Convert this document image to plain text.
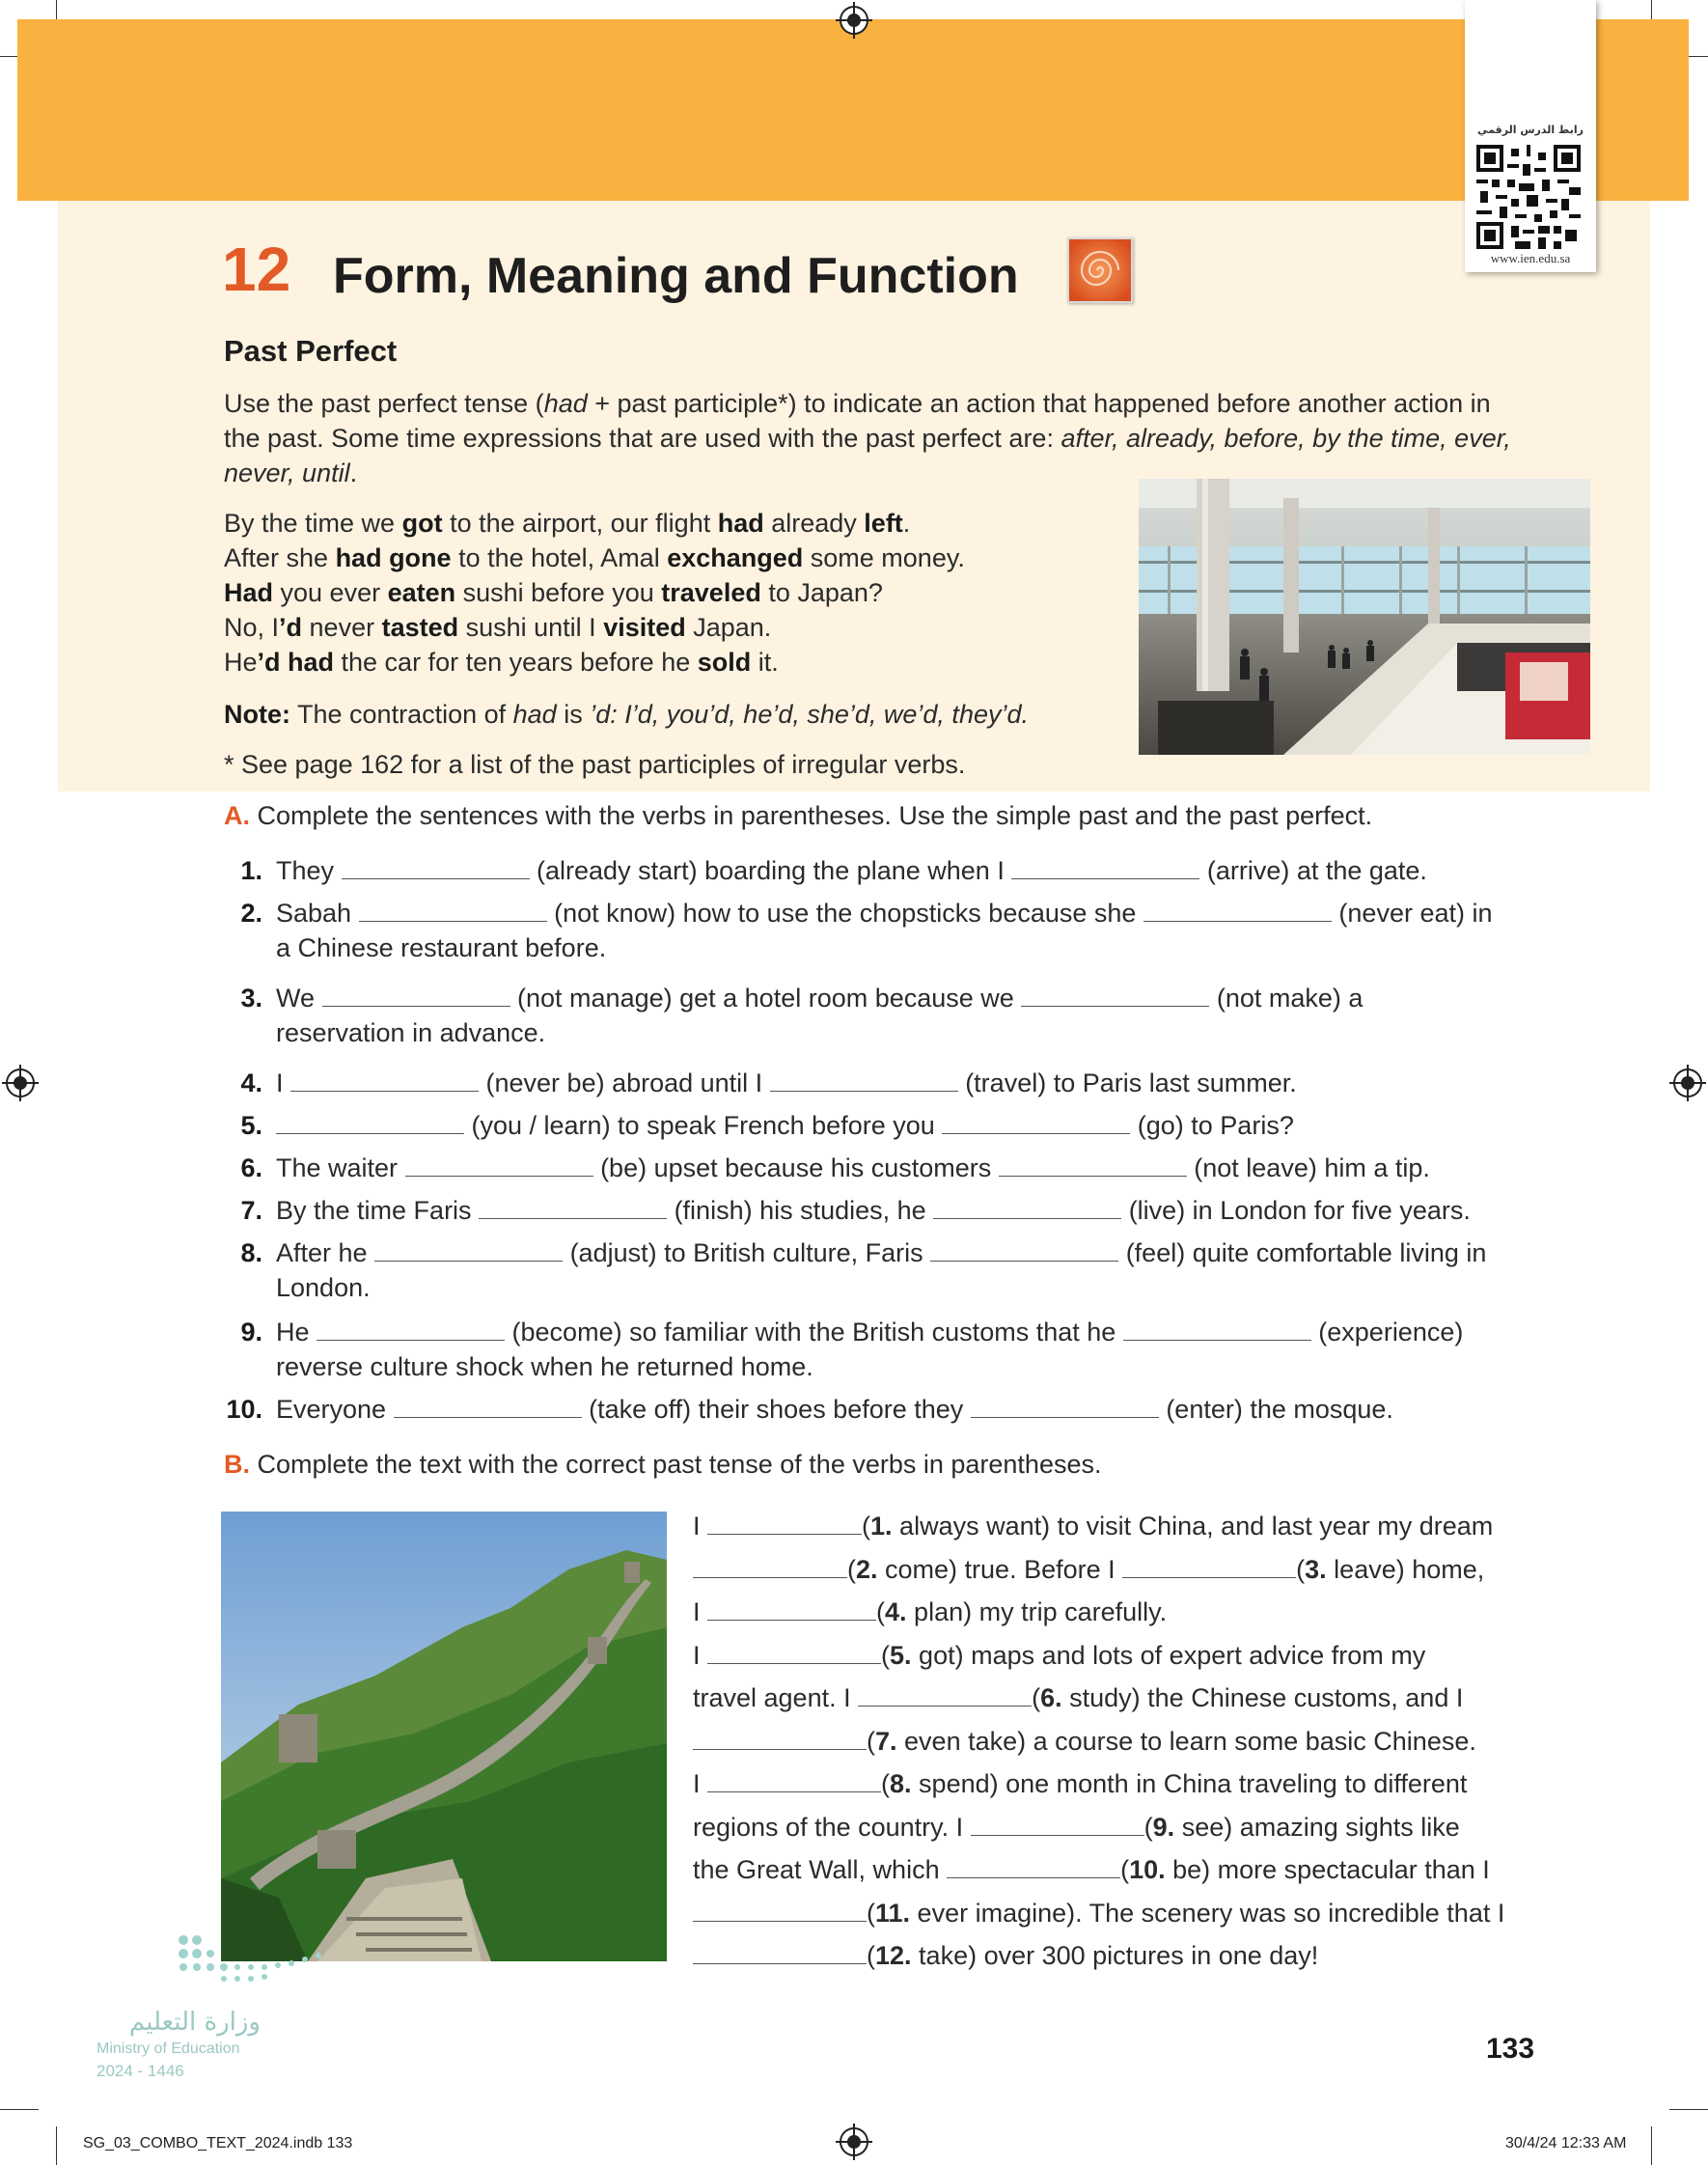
رابط الدرس الرقمي
www.ien.edu.sa
12 Form, Meaning and Function
Past Perfect
Use the past perfect tense (had + past participle*) to indicate an action that happened before another action in
the past. Some time expressions that are used with the past perfect are: after, already, before, by the time, ever,
never, until.
By the time we got to the airport, our flight had already left.
After she had gone to the hotel, Amal exchanged some money.
Had you ever eaten sushi before you traveled to Japan?
No, I’d never tasted sushi until I visited Japan.
He’d had the car for ten years before he sold it.
Note: The contraction of had is ’d: I’d, you’d, he’d, she’d, we’d, they’d.
* See page 162 for a list of the past participles of irregular verbs.
A. Complete the sentences with the verbs in parentheses. Use the simple past and the past perfect.
1. They	(already start) boarding the plane when I	(arrive) at the gate.
2. Sabah	(not know) how to use the chopsticks because she	(never eat) in
a Chinese restaurant before.
3. We	(not manage) get a hotel room because we	(not make) a
reservation in advance.
4. I	(never be) abroad until I	(travel) to Paris last summer.
5.	(you / learn) to speak French before you	(go) to Paris?
6. The waiter	(be) upset because his customers	(not leave) him a tip.
7. By the time Faris	(finish) his studies, he	(live) in London for five years.
8. After he	(adjust) to British culture, Faris	(feel) quite comfortable living in
London.
9. He	(become) so familiar with the British customs that he	(experience)
reverse culture shock when he returned home.
10. Everyone	(take off) their shoes before they	(enter) the mosque.
B. Complete the text with the correct past tense of the verbs in parentheses.
I	(1. always want) to visit China, and last year my dream
(2. come) true. Before I	(3. leave) home,
I	(4. plan) my trip carefully.
I	(5. got) maps and lots of expert advice from my
travel agent. I	(6. study) the Chinese customs, and I
(7. even take) a course to learn some basic Chinese.
I	(8. spend) one month in China traveling to different
regions of the country. I	(9. see) amazing sights like
the Great Wall, which	(10. be) more spectacular than I
(11. ever imagine). The scenery was so incredible that I
(12. take) over 300 pictures in one day!
وزارة التعليم
Ministry of Education
2024 - 1446
133
SG_03_COMBO_TEXT_2024.indb 133	30/4/24 12:33 AM
